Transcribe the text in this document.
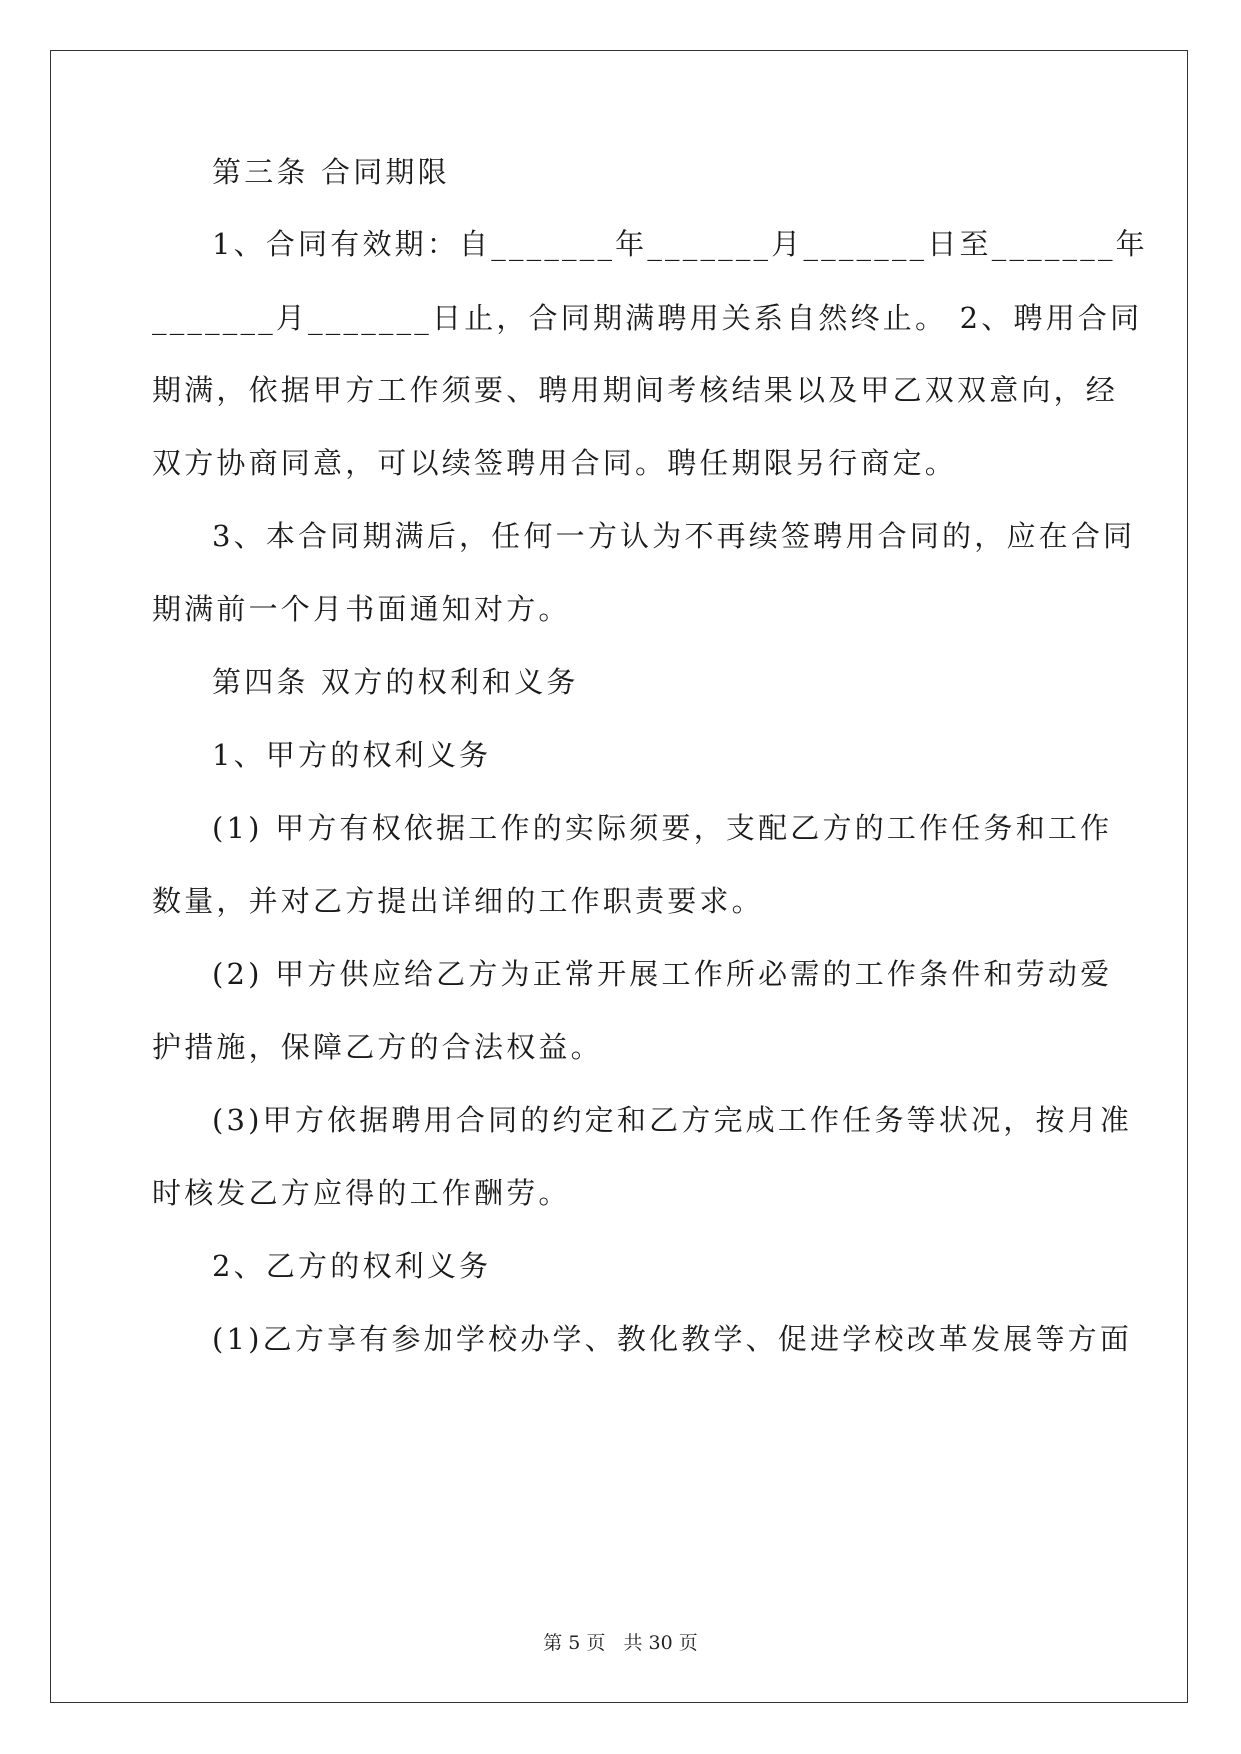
第三条 合同期限
1、合同有效期：自_______年_______月_______日至_______年
_______月_______日止，合同期满聘用关系自然终止。 2、聘用合同
期满，依据甲方工作须要、聘用期间考核结果以及甲乙双双意向，经
双方协商同意，可以续签聘用合同。聘任期限另行商定。
3、本合同期满后，任何一方认为不再续签聘用合同的，应在合同
期满前一个月书面通知对方。
第四条 双方的权利和义务
1、甲方的权利义务
(1) 甲方有权依据工作的实际须要，支配乙方的工作任务和工作
数量，并对乙方提出详细的工作职责要求。
(2) 甲方供应给乙方为正常开展工作所必需的工作条件和劳动爱
护措施，保障乙方的合法权益。
(3)甲方依据聘用合同的约定和乙方完成工作任务等状况，按月准
时核发乙方应得的工作酬劳。
2、乙方的权利义务
(1)乙方享有参加学校办学、教化教学、促进学校改革发展等方面
第 5 页 共 30 页
